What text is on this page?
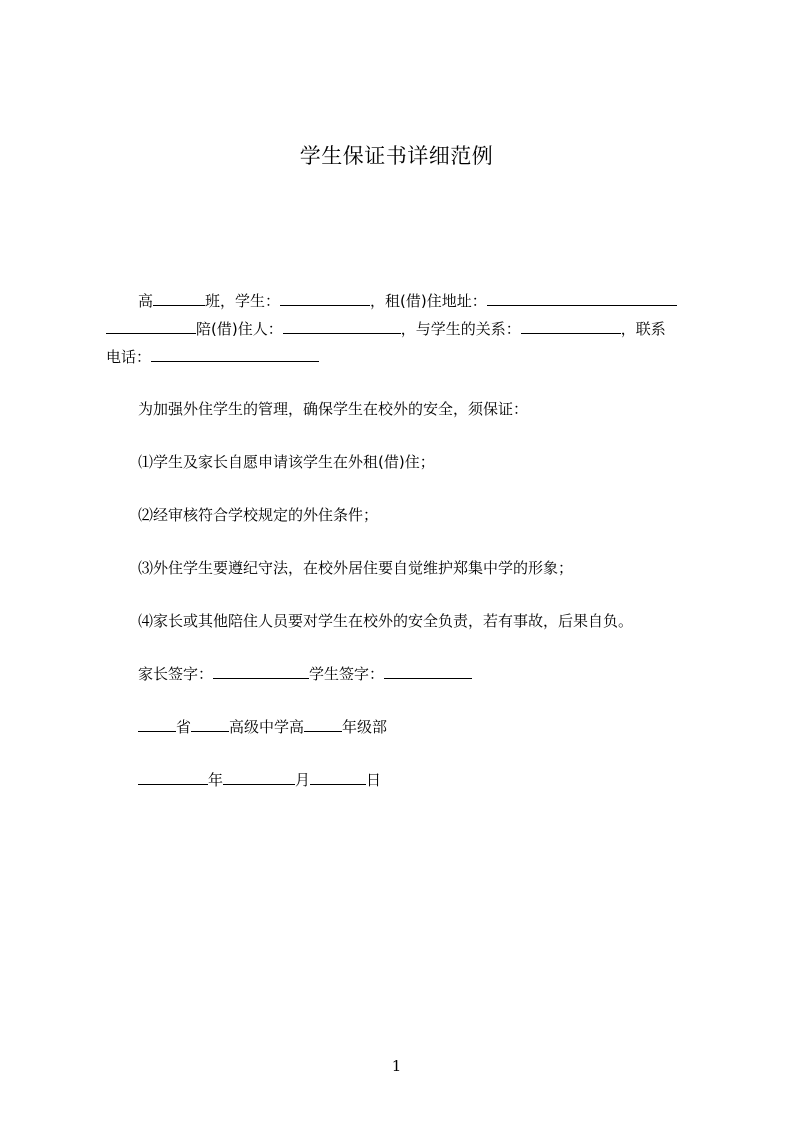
学生保证书详细范例
高	班，学生：	，租(借)住地址：
陪(借)住人：	，与学生的关系：	，联系
电话：
为加强外住学生的管理，确保学生在校外的安全，须保证：
⑴学生及家长自愿申请该学生在外租(借)住；
⑵经审核符合学校规定的外住条件；
⑶外住学生要遵纪守法，在校外居住要自觉维护郑集中学的形象；
⑷家长或其他陪住人员要对学生在校外的安全负责，若有事故，后果自负。
家长签字：	学生签字：
省	高级中学高	年级部
年	月	日
1
